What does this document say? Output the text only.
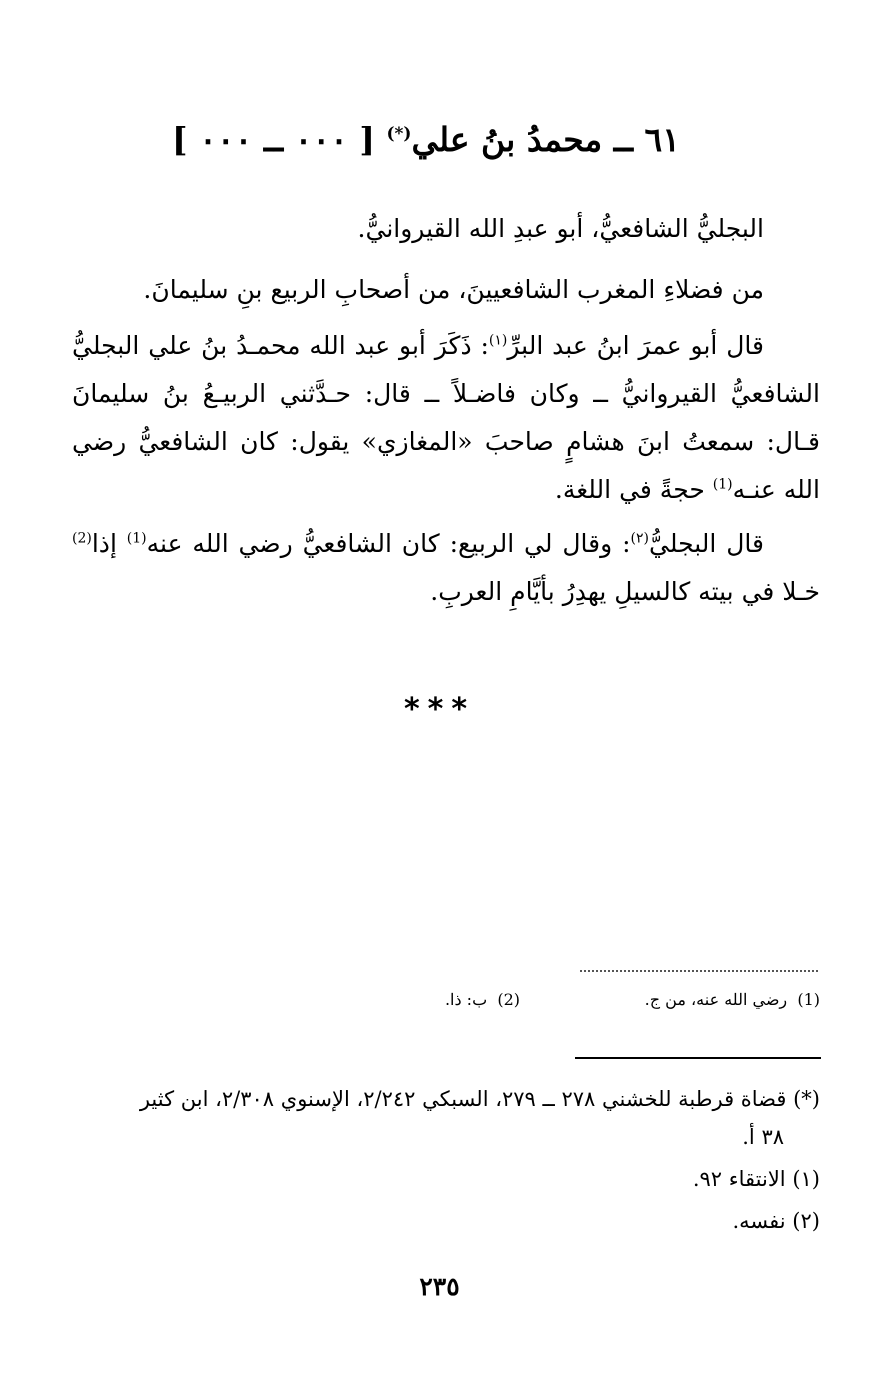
٦١ ــ محمدُ بنُ علي(*) [ ٠٠٠ ــ ٠٠٠ ]

البجليُّ الشافعيُّ، أبو عبدِ الله القيروانيُّ.

من فضلاءِ المغرب الشافعيينَ، من أصحابِ الربيع بنِ سليمانَ.

قال أبو عمرَ ابنُ عبد البرِّ$^{(١)}$: ذَكَرَ أبو عبد الله محمـدُ بنُ علي البجليُّ الشافعيُّ القيروانيُّ ــ وكان فاضـلاً ــ قال: حـدَّثني الربيـعُ بنُ سليمانَ قـال: سمعتُ ابنَ هشامٍ صاحبَ «المغازي» يقول: كان الشافعيُّ رضي الله عنـه$^{(1)}$ حجةً في اللغة.

قال البجليُّ$^{(٢)}$: وقال لي الربيع: كان الشافعيُّ رضي الله عنه$^{(1)}$ إذا$^{(2)}$ خـلا في بيته كالسيلِ يهدِرُ بأيَّامِ العربِ.

***
(1)  رضي الله عنه، من ج.
(2)  ب: ذا.

(*) قضاة قرطبة للخشني ٢٧٨ ــ ٢٧٩، السبكي ٢/٢٤٢، الإسنوي ٢/٣٠٨، ابن كثير
٣٨ أ.

(١) الانتقاء ٩٢.

(٢) نفسه.

٢٣٥
